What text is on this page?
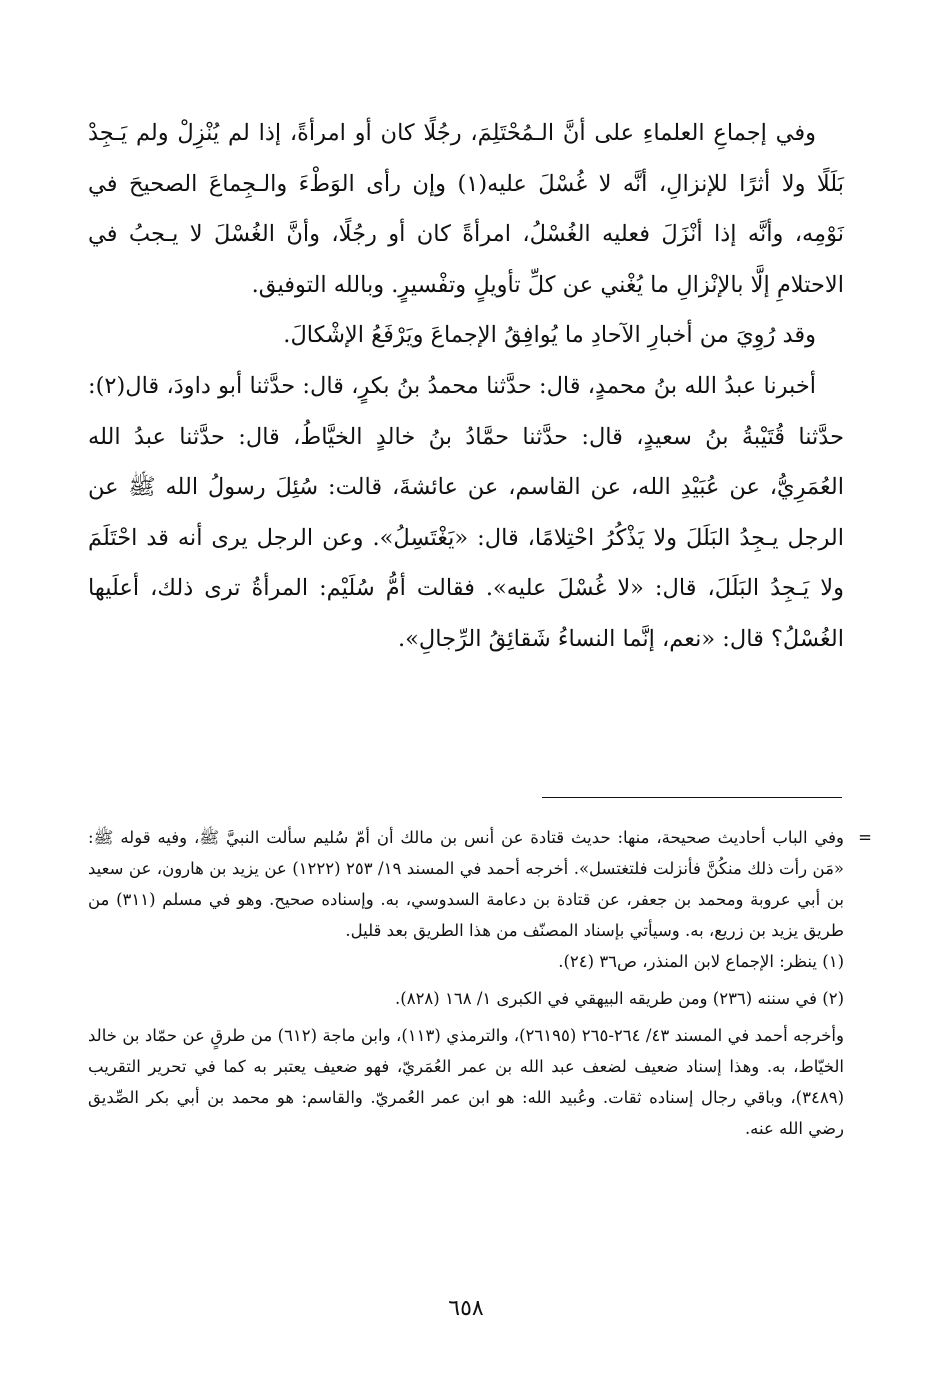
وفي إجماعِ العلماءِ على أنَّ الـمُحْتَلِمَ، رجُلًا كان أو امرأةً، إذا لم يُنْزِلْ ولم يَـجِدْ بَلَلًا ولا أثرًا للإنزالِ، أنَّه لا غُسْلَ عليه(١) وإن رأى الوَطْءَ والـجِماعَ الصحيحَ في نَوْمِه، وأنَّه إذا أنْزَلَ فعليه الغُسْلُ، امرأةً كان أو رجُلًا، وأنَّ الغُسْلَ لا يـجبُ في الاحتلامِ إلَّا بالإنْزالِ ما يُغْني عن كلِّ تأويلٍ وتفْسيرٍ. وبالله التوفيق.

وقد رُوِيَ من أخبارِ الآحادِ ما يُوافِقُ الإجماعَ ويَرْفَعُ الإشْكالَ.

أخبرنا عبدُ الله بنُ محمدٍ، قال: حدَّثنا محمدُ بنُ بكرٍ، قال: حدَّثنا أبو داودَ، قال(٢): حدَّثنا قُتَيْبةُ بنُ سعيدٍ، قال: حدَّثنا حمَّادُ بنُ خالدٍ الخيَّاطُ، قال: حدَّثنا عبدُ الله العُمَرِيُّ، عن عُبَيْدِ الله، عن القاسم، عن عائشةَ، قالت: سُئِلَ رسولُ الله ﷺ عن الرجل يـجِدُ البَلَلَ ولا يَذْكُرُ احْتِلامًا، قال: «يَغْتَسِلُ». وعن الرجل يرى أنه قد احْتَلَمَ ولا يَـجِدُ البَلَلَ، قال: «لا غُسْلَ عليه». فقالت أمُّ سُلَيْم: المرأةُ ترى ذلك، أعلَيها الغُسْلُ؟ قال: «نعم، إنَّما النساءُ شَقائِقُ الرِّجالِ».

=
وفي الباب أحاديث صحيحة، منها: حديث قتادة عن أنس بن مالك أن أمّ سُليم سألت النبيَّ ﷺ، وفيه قوله ﷺ: «مَن رأت ذلك منكُنَّ فأنزلت فلتغتسل». أخرجه أحمد في المسند ١٩/ ٢٥٣ (١٢٢٢) عن يزيد بن هارون، عن سعيد بن أبي عروبة ومحمد بن جعفر، عن قتادة بن دعامة السدوسي، به. وإسناده صحيح. وهو في مسلم (٣١١) من طريق يزيد بن زريع، به. وسيأتي بإسناد المصنّف من هذا الطريق بعد قليل.

(١) ينظر: الإجماع لابن المنذر، ص٣٦ (٢٤).

(٢) في سننه (٢٣٦) ومن طريقه البيهقي في الكبرى ١/ ١٦٨ (٨٢٨).

وأخرجه أحمد في المسند ٤٣/ ٢٦٤-٢٦٥ (٢٦١٩٥)، والترمذي (١١٣)، وابن ماجة (٦١٢) من طرقٍ عن حمّاد بن خالد الخيّاط، به. وهذا إسناد ضعيف لضعف عبد الله بن عمر العُمَريّ، فهو ضعيف يعتبر به كما في تحرير التقريب (٣٤٨٩)، وباقي رجال إسناده ثقات. وعُبيد الله: هو ابن عمر العُمريّ. والقاسم: هو محمد بن أبي بكر الصِّديق رضي الله عنه.

٦٥٨
